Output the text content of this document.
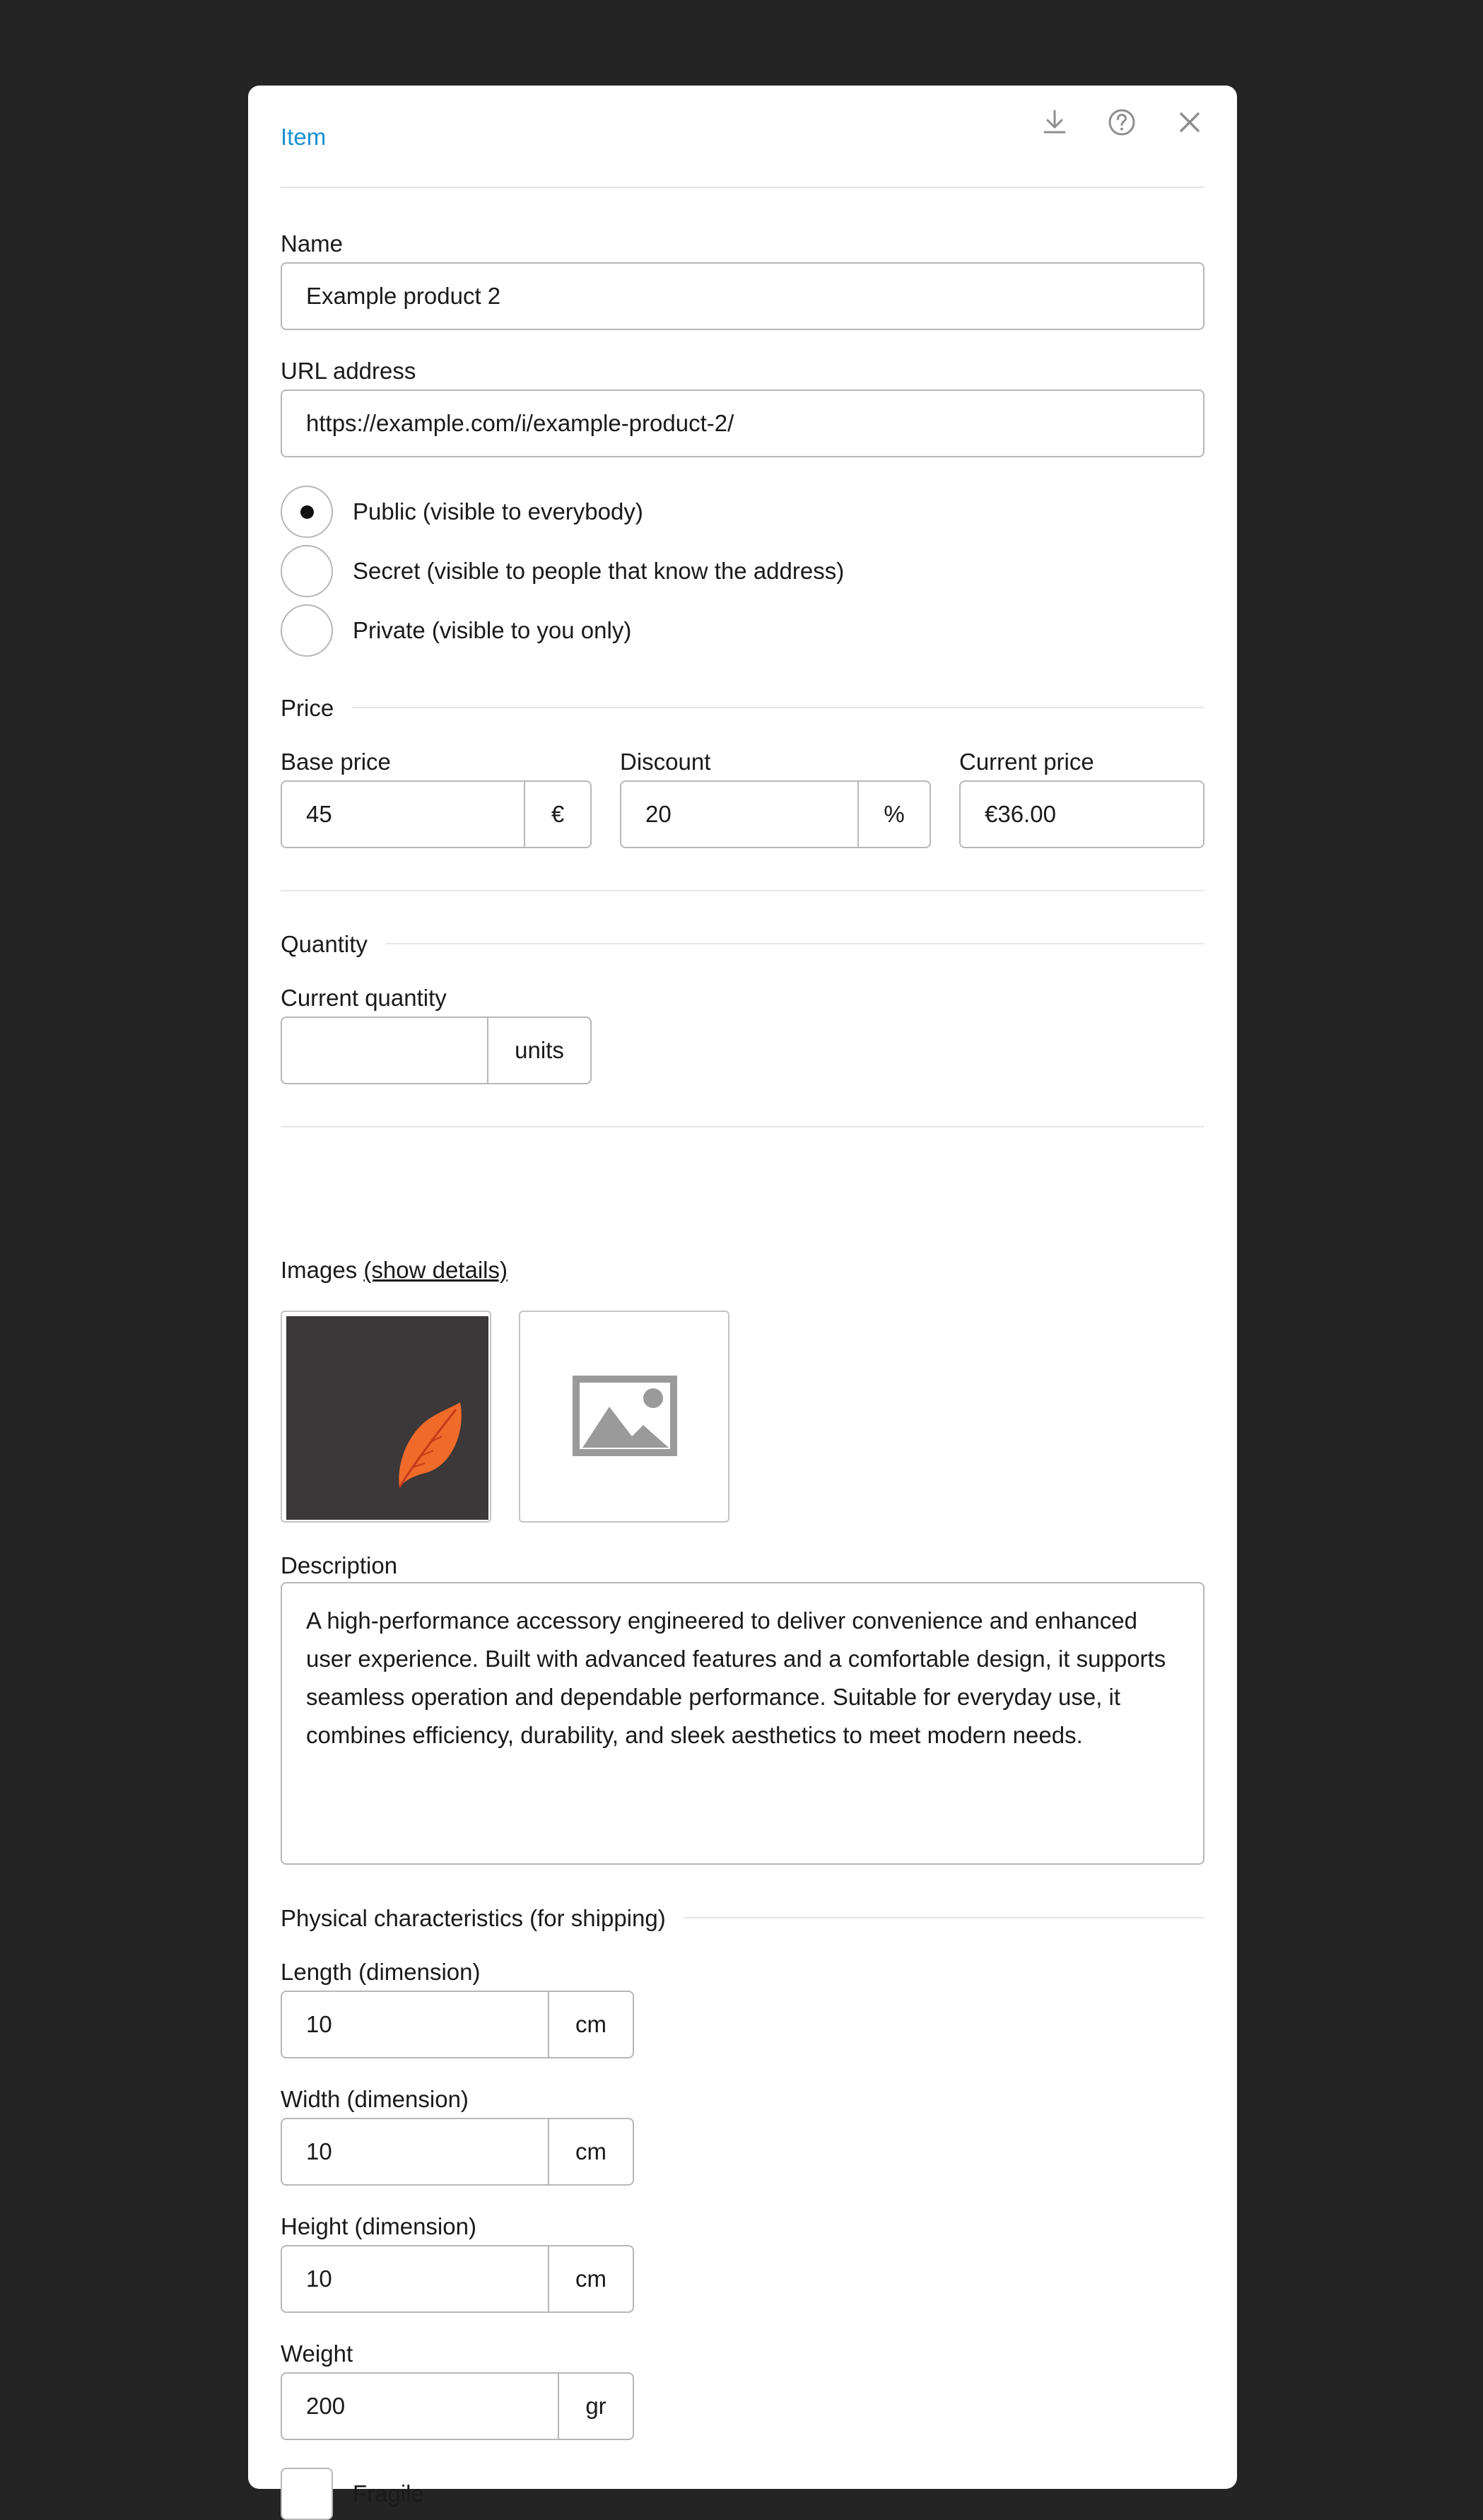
Item
Name
Example product 2
URL address
https://example.com/i/example-product-2/
Public (visible to everybody)
Secret (visible to people that know the address)
Private (visible to you only)
Price
Base price
45	€
Discount
20	%
Current price
€36.00
Quantity
Current quantity
units
Images (show details)
Description
A high-performance accessory engineered to deliver convenience and enhanced user experience. Built with advanced features and a comfortable design, it supports seamless operation and dependable performance. Suitable for everyday use, it combines efficiency, durability, and sleek aesthetics to meet modern needs.
Physical characteristics (for shipping)
Length (dimension)
10	cm
Width (dimension)
10	cm
Height (dimension)
10	cm
Weight
200	gr
Fragile
